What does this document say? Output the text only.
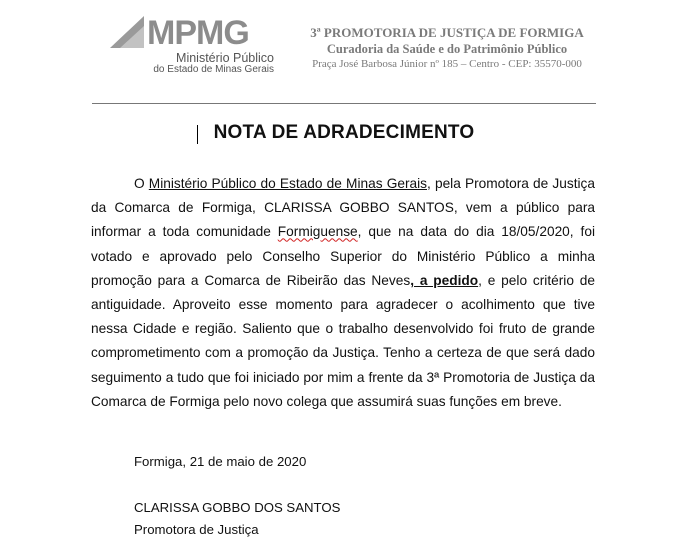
MPMG
Ministério Público
do Estado de Minas Gerais
3ª PROMOTORIA DE JUSTIÇA DE FORMIGA
Curadoria da Saúde e do Patrimônio Público
Praça José Barbosa Júnior nº 185 – Centro - CEP: 35570-000
NOTA DE ADRADECIMENTO

O Ministério Público do Estado de Minas Gerais, pela Promotora de Justiça da Comarca de Formiga, CLARISSA GOBBO SANTOS, vem a público para informar a toda comunidade Formiguense, que na data do dia 18/05/2020, foi votado e aprovado pelo Conselho Superior do Ministério Público a minha promoção para a Comarca de Ribeirão das Neves, a pedido, e pelo critério de antiguidade. Aproveito esse momento para agradecer o acolhimento que tive nessa Cidade e região. Saliento que o trabalho desenvolvido foi fruto de grande comprometimento com a promoção da Justiça. Tenho a certeza de que será dado seguimento a tudo que foi iniciado por mim a frente da 3ª Promotoria de Justiça da Comarca de Formiga pelo novo colega que assumirá suas funções em breve.

Formiga, 21 de maio de 2020
CLARISSA GOBBO DOS SANTOS
Promotora de Justiça
